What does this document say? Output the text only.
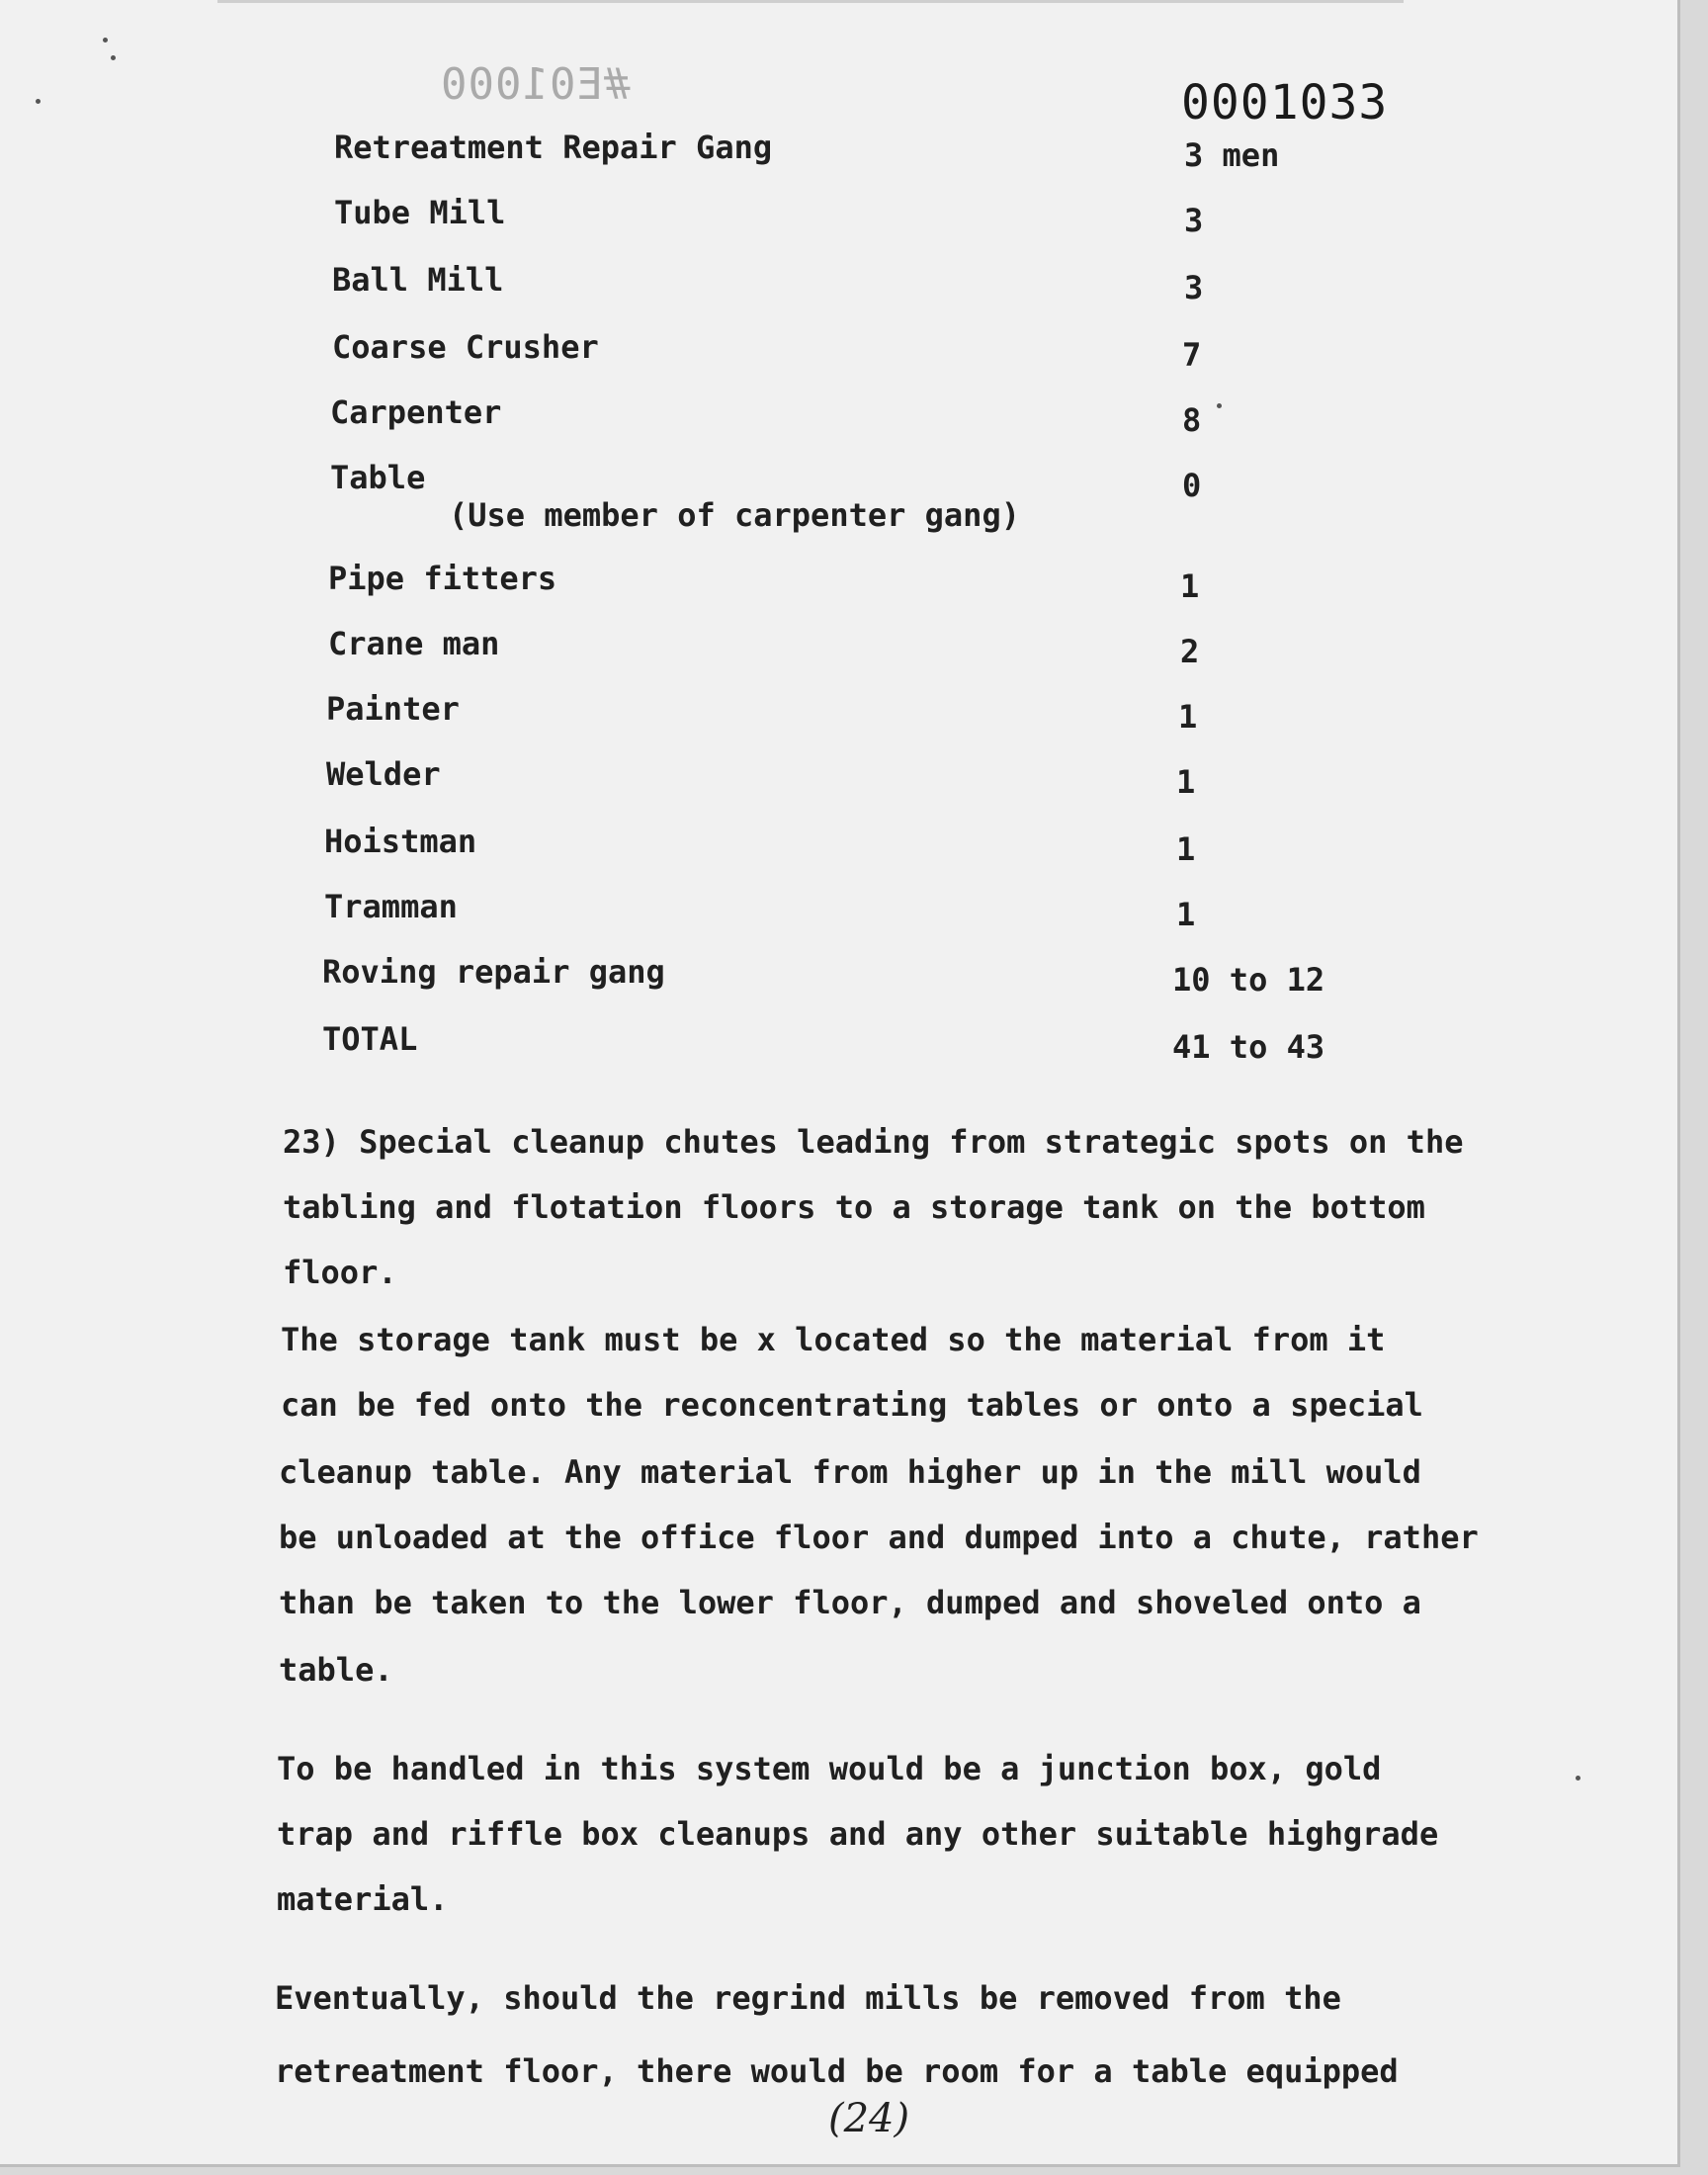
#E01000	0001033
Retreatment Repair Gang	3 men
Tube Mill	3
Ball Mill	3
Coarse Crusher	7
Carpenter	8
Table	0
(Use member of carpenter gang)
Pipe fitters	1
Crane man	2
Painter	1
Welder	1
Hoistman	1
Tramman	1
Roving repair gang	10 to 12
TOTAL	41 to 43
23) Special cleanup chutes leading from strategic spots on the
tabling and flotation floors to a storage tank on the bottom
floor.
The storage tank must be x located so the material from it
can be fed onto the reconcentrating tables or onto a special
cleanup table. Any material from higher up in the mill would
be unloaded at the office floor and dumped into a chute, rather
than be taken to the lower floor, dumped and shoveled onto a
table.
To be handled in this system would be a junction box, gold
trap and riffle box cleanups and any other suitable highgrade
material.
Eventually, should the regrind mills be removed from the
retreatment floor, there would be room for a table equipped
(24)
